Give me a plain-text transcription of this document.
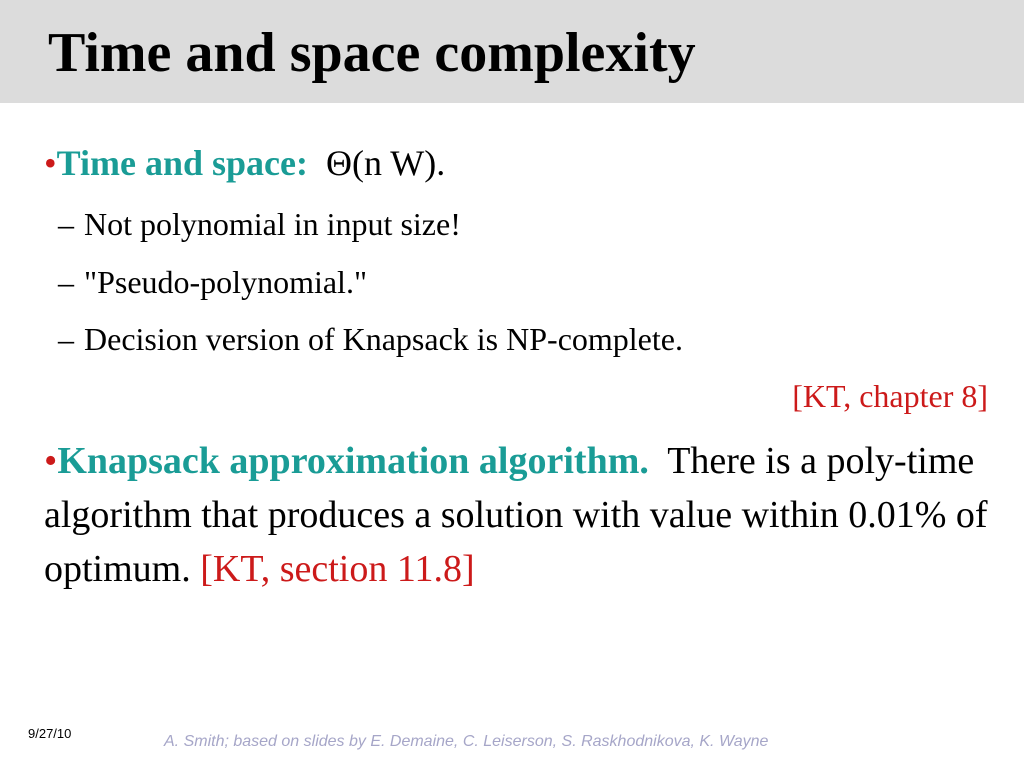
Time and space complexity
•Time and space: Θ(n W).
– Not polynomial in input size!
– "Pseudo-polynomial."
– Decision version of Knapsack is NP-complete.
[KT, chapter 8]
•Knapsack approximation algorithm. There is a poly-time algorithm that produces a solution with value within 0.01% of optimum. [KT, section 11.8]
9/27/10	A. Smith; based on slides by E. Demaine, C. Leiserson, S. Raskhodnikova, K. Wayne
